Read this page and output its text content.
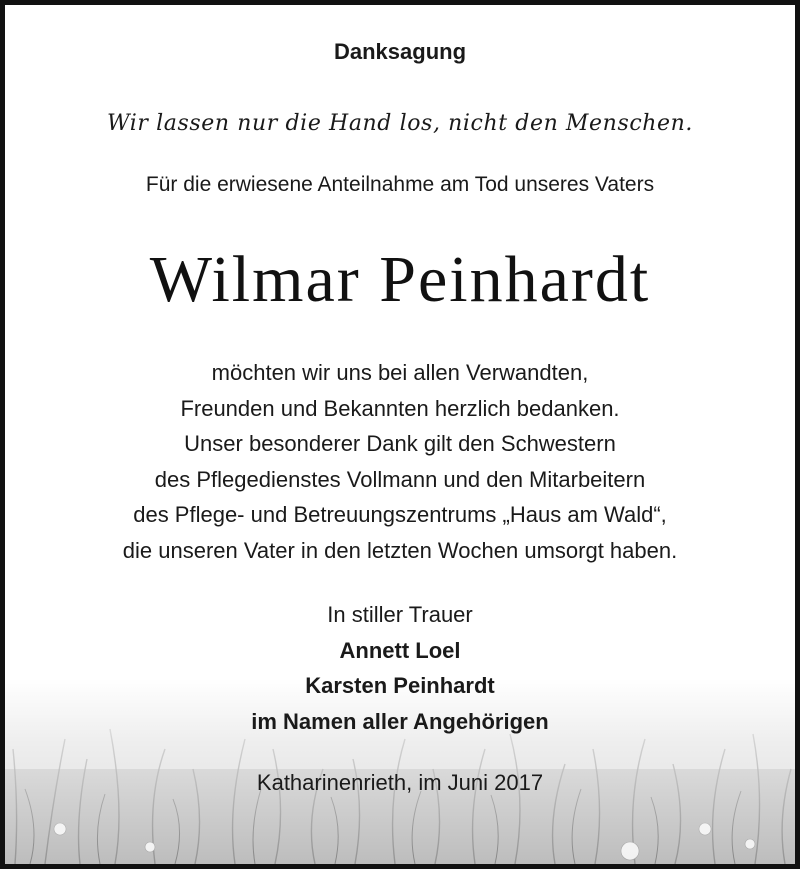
Danksagung

Wir lassen nur die Hand los, nicht den Menschen.

Für die erwiesene Anteilnahme am Tod unseres Vaters

Wilmar Peinhardt

möchten wir uns bei allen Verwandten,
Freunden und Bekannten herzlich bedanken.
Unser besonderer Dank gilt den Schwestern
des Pflegedienstes Vollmann und den Mitarbeitern
des Pflege- und Betreuungszentrums „Haus am Wald“,
die unseren Vater in den letzten Wochen umsorgt haben.
In stiller Trauer
Annett Loel
Karsten Peinhardt
im Namen aller Angehörigen

Katharinenrieth, im Juni 2017
